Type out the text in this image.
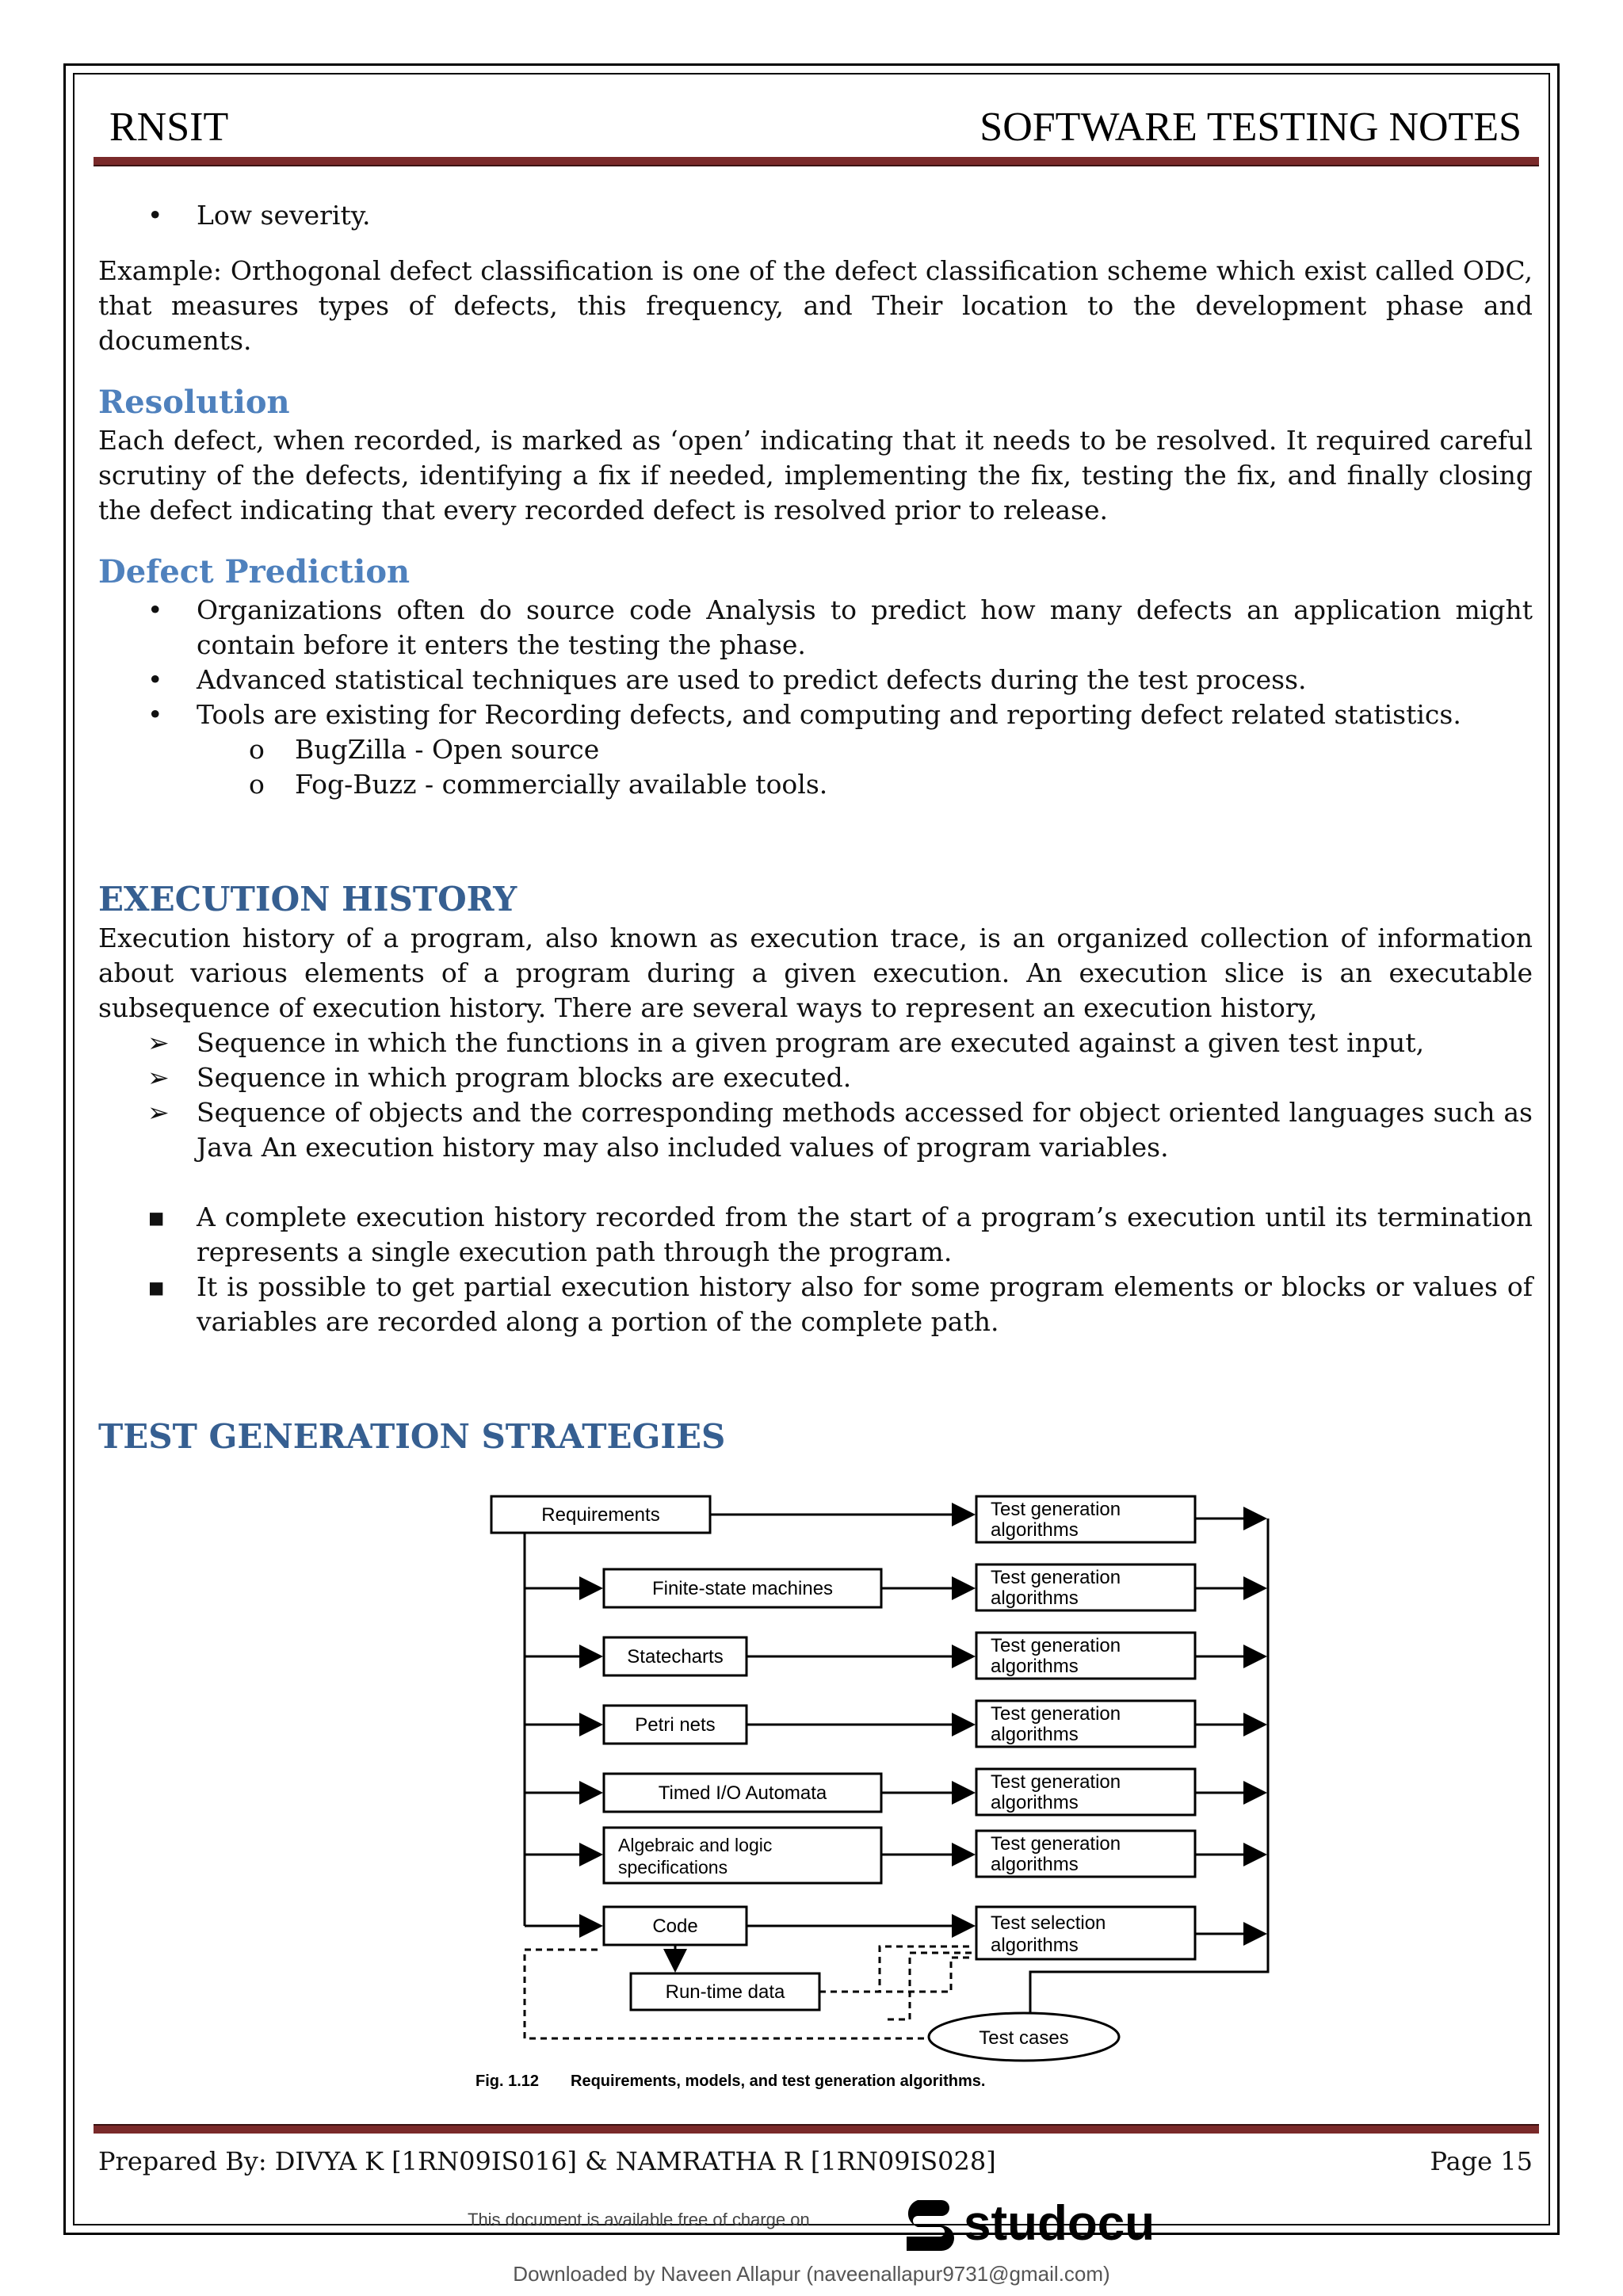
RNSIT	SOFTWARE TESTING NOTES
•	Low severity.

Example: Orthogonal defect classification is one of the defect classification scheme which exist called ODC, that measures types of defects, this frequency, and Their location to the development phase and documents.

Resolution

Each defect, when recorded, is marked as ‘open’ indicating that it needs to be resolved. It required careful scrutiny of the defects, identifying a fix if needed, implementing the fix, testing the fix, and finally closing the defect indicating that every recorded defect is resolved prior to release.

Defect Prediction

•	Organizations often do source code Analysis to predict how many defects an application might contain before it enters the testing the phase.
•	Advanced statistical techniques are used to predict defects during the test process.
•	Tools are existing for Recording defects, and computing and reporting defect related statistics.
o BugZilla - Open source
o Fog-Buzz - commercially available tools.

EXECUTION HISTORY

Execution history of a program, also known as execution trace, is an organized collection of information about various elements of a program during a given execution. An execution slice is an executable subsequence of execution history. There are several ways to represent an execution history,

➢	Sequence in which the functions in a given program are executed against a given test input,
➢	Sequence in which program blocks are executed.
➢	Sequence of objects and the corresponding methods accessed for object oriented languages such as Java An execution history may also included values of program variables.
▪	A complete execution history recorded from the start of a program’s execution until its termination represents a single execution path through the program.
▪	It is possible to get partial execution history also for some program elements or blocks or values of variables are recorded along a portion of the complete path.

TEST GENERATION STRATEGIES

Requirements
Finite-state machines
Statecharts
Petri nets
Timed I/O Automata
Algebraic and logic specifications
Code
Test generation
algorithms
Test generation
algorithms
Test generation
algorithms
Test generation
algorithms
Test generation
algorithms
Test generation
algorithms
Test selection
algorithms
Run-time data
Test cases
Fig. 1.12 Requirements, models, and test generation algorithms.
Prepared By: DIVYA K [1RN09IS016] & NAMRATHA R [1RN09IS028]	Page 15
This document is available free of charge on	studocu
Downloaded by Naveen Allapur (naveenallapur9731@gmail.com)
